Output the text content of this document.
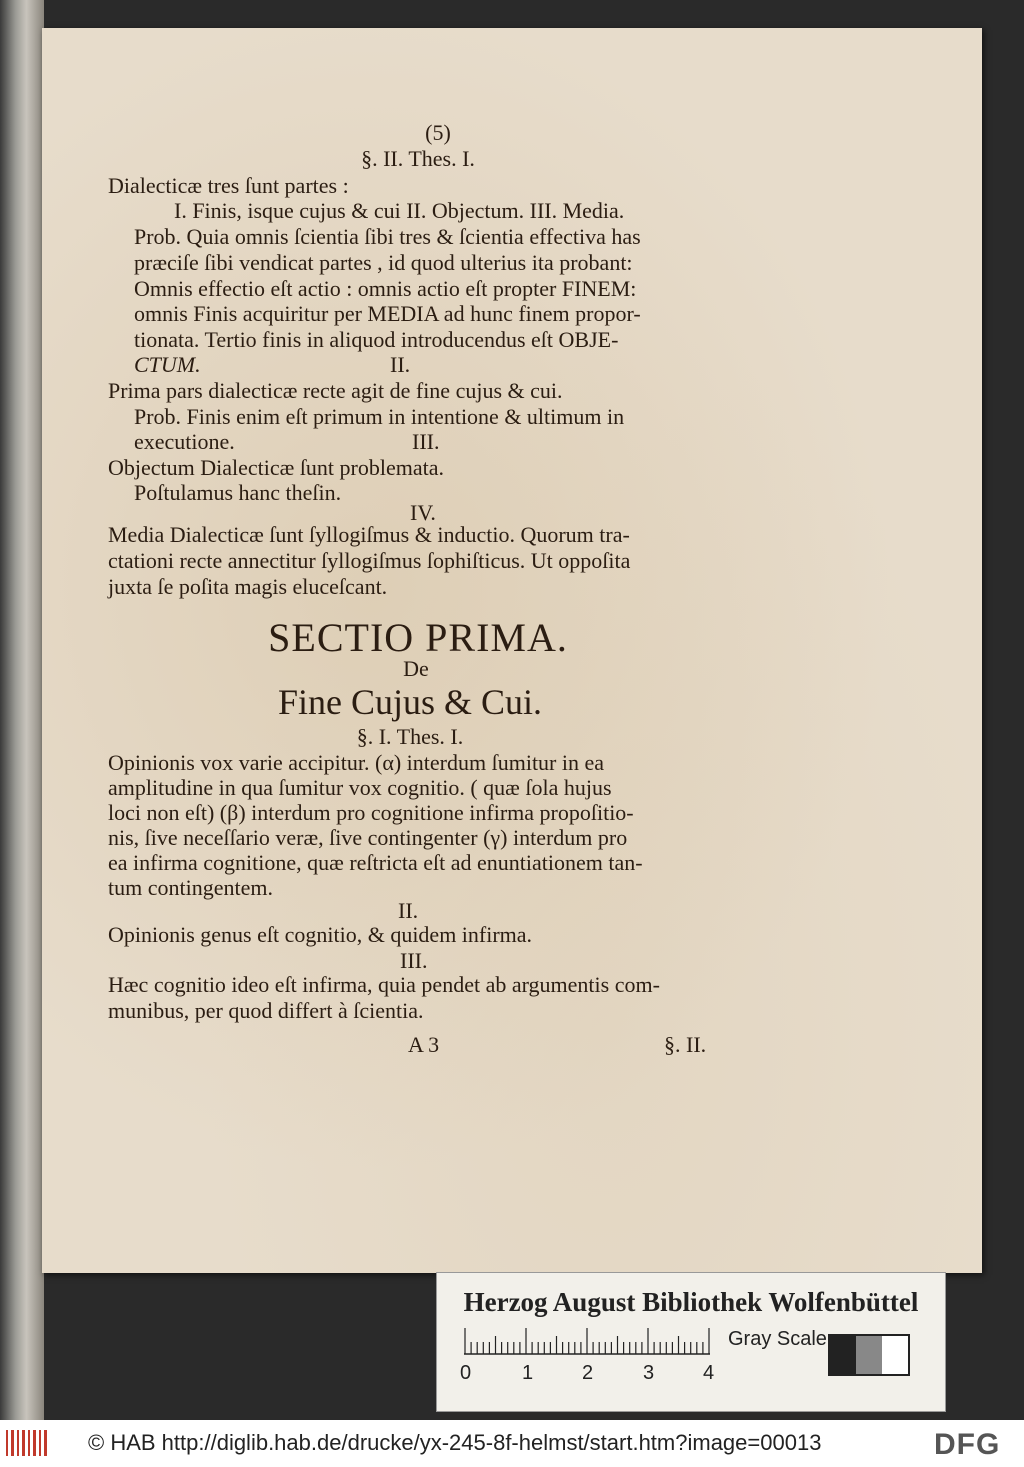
(5)
§. II. Thes. I.
Dialecticæ tres ſunt partes :
I. Finis, isque cujus & cui II. Objectum. III. Media.
Prob. Quia omnis ſcientia ſibi tres & ſcientia effectiva has
præciſe ſibi vendicat partes , id quod ulterius ita probant:
Omnis effectio eſt actio : omnis actio eſt propter FINEM:
omnis Finis acquiritur per MEDIA ad hunc finem propor-
tionata. Tertio finis in aliquod introducendus eſt OBJE-
CTUM.	II.
Prima pars dialecticæ recte agit de fine cujus & cui.
Prob. Finis enim eſt primum in intentione & ultimum in
executione.	III.
Objectum Dialecticæ ſunt problemata.
Poſtulamus hanc theſin.
IV.
Media Dialecticæ ſunt ſyllogiſmus & inductio. Quorum tra-
ctationi recte annectitur ſyllogiſmus ſophiſticus. Ut oppoſita
juxta ſe poſita magis eluceſcant.
SECTIO PRIMA.
De
Fine Cujus & Cui.
§. I. Thes. I.
Opinionis vox varie accipitur. (α) interdum ſumitur in ea
amplitudine in qua ſumitur vox cognitio. ( quæ ſola hujus
loci non eſt) (β) interdum pro cognitione infirma propoſitio-
nis, ſive neceſſario veræ, ſive contingenter (γ) interdum pro
ea infirma cognitione, quæ reſtricta eſt ad enuntiationem tan-
tum contingentem.
II.
Opinionis genus eſt cognitio, & quidem infirma.
III.
Hæc cognitio ideo eſt infirma, quia pendet ab argumentis com-
munibus, per quod differt à ſcientia.
A 3	§. II.
Herzog August Bibliothek Wolfenbüttel
0	1 2 3 4
Gray Scale
© HAB http://diglib.hab.de/drucke/yx-245-8f-helmst/start.htm?image=00013	DFG
